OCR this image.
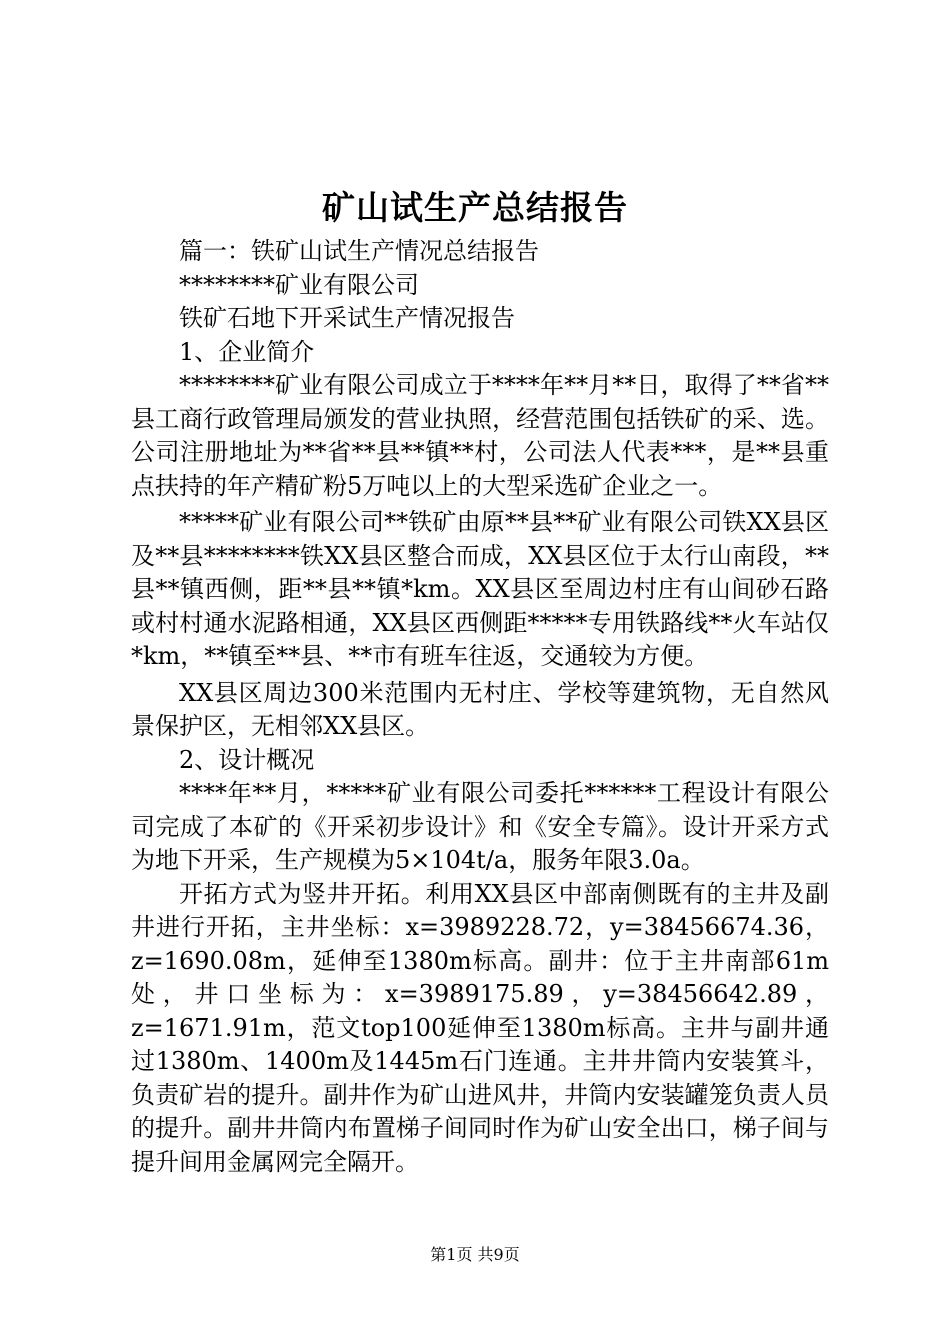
矿山试生产总结报告

篇一：铁矿山试生产情况总结报告

********矿业有限公司

铁矿石地下开采试生产情况报告

1、企业简介

********矿业有限公司成立于****年**月**日，取得了**省**县工商行政管理局颁发的营业执照，经营范围包括铁矿的采、选。公司注册地址为**省**县**镇**村，公司法人代表***，是**县重点扶持的年产精矿粉5万吨以上的大型采选矿企业之一。

*****矿业有限公司**铁矿由原**县**矿业有限公司铁XX县区及**县********铁XX县区整合而成，XX县区位于太行山南段，**县**镇西侧，距**县**镇*km。XX县区至周边村庄有山间砂石路或村村通水泥路相通，XX县区西侧距*****专用铁路线**火车站仅*km，**镇至**县、**市有班车往返，交通较为方便。

XX县区周边300米范围内无村庄、学校等建筑物，无自然风景保护区，无相邻XX县区。

2、设计概况

****年**月，*****矿业有限公司委托******工程设计有限公司完成了本矿的《开采初步设计》和《安全专篇》。设计开采方式为地下开采，生产规模为5×104t/a，服务年限3.0a。

开拓方式为竖井开拓。利用XX县区中部南侧既有的主井及副井进行开拓，主井坐标：x=3989228.72，y=38456674.36，z=1690.08m，延伸至1380m标高。副井：位于主井南部61m处，井口坐标为：x=3989175.89，y=38456642.89，z=1671.91m，范文top100延伸至1380m标高。主井与副井通过1380m、1400m及1445m石门连通。主井井筒内安装箕斗，负责矿岩的提升。副井作为矿山进风井，井筒内安装罐笼负责人员的提升。副井井筒内布置梯子间同时作为矿山安全出口，梯子间与提升间用金属网完全隔开。

第1页 共9页
